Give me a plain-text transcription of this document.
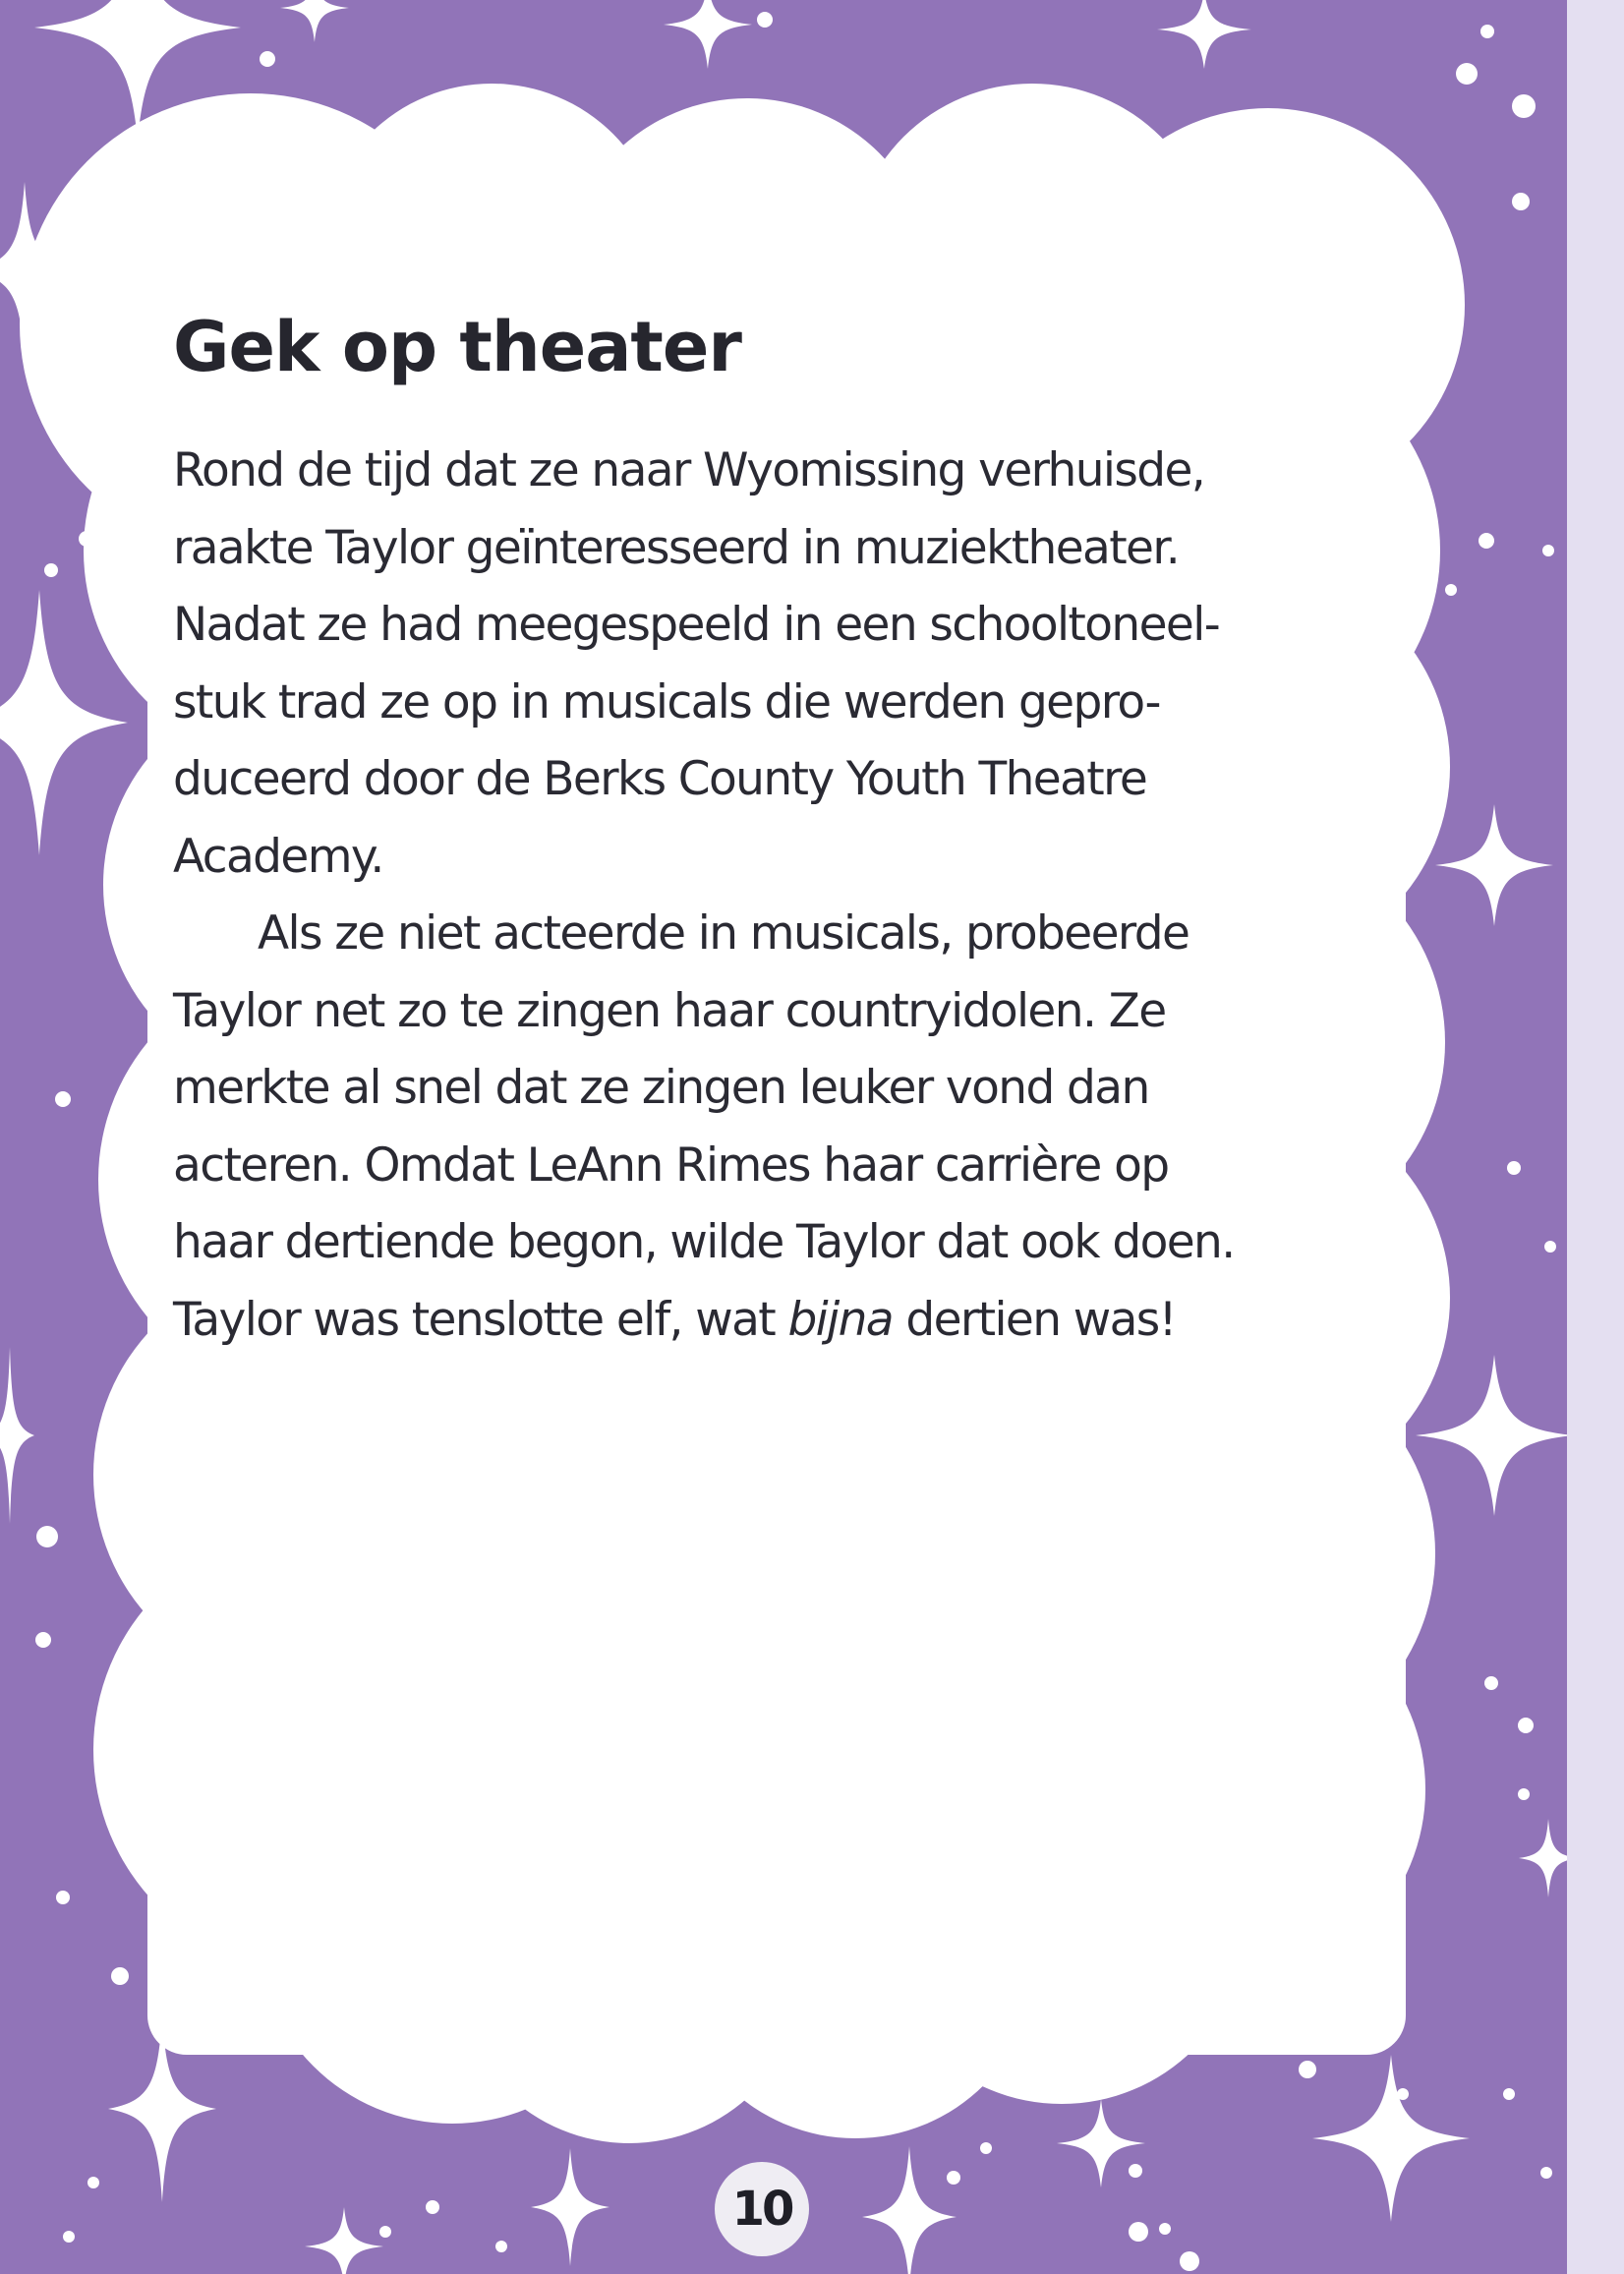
Gek op theater

Rond de tijd dat ze naar Wyomissing verhuisde,
raakte Taylor geïnteresseerd in muziektheater.
Nadat ze had meegespeeld in een schooltoneel-
stuk trad ze op in musicals die werden gepro-
duceerd door de Berks County Youth Theatre
Academy.

Als ze niet acteerde in musicals, probeerde
Taylor net zo te zingen haar countryidolen. Ze
merkte al snel dat ze zingen leuker vond dan
acteren. Omdat LeAnn Rimes haar carrière op
haar dertiende begon, wilde Taylor dat ook doen.
Taylor was tenslotte elf, wat bijna dertien was!

10
